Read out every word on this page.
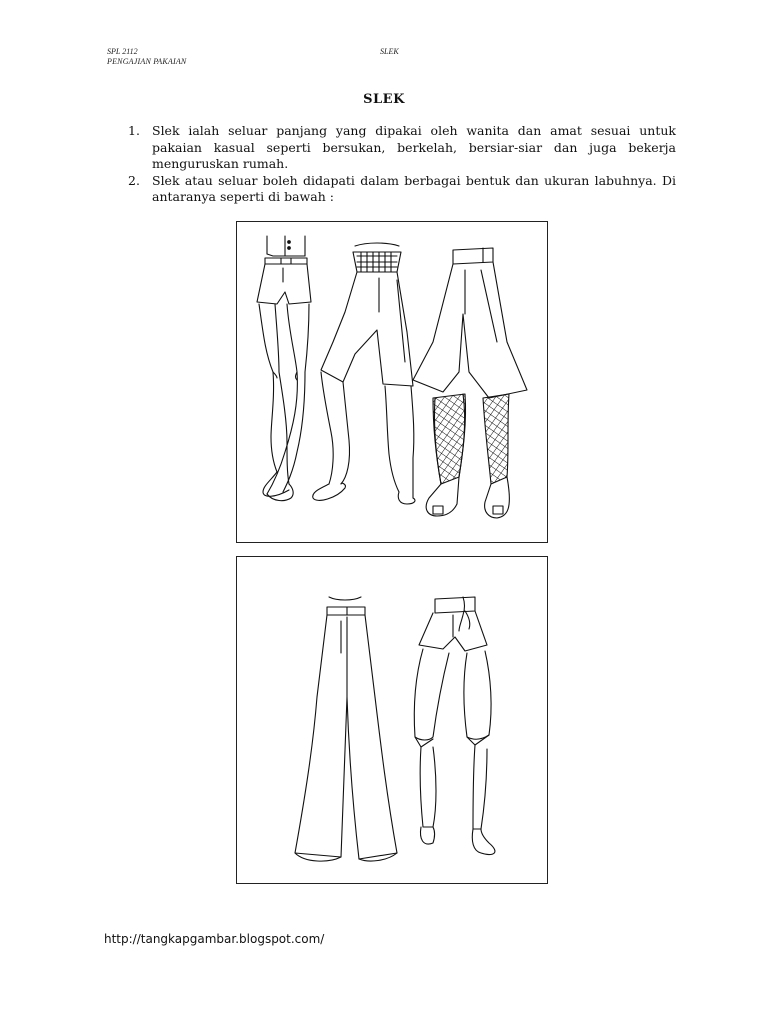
SPL 2112
PENGAJIAN PAKAIAN
SLEK
SLEK
1. Slek ialah seluar panjang yang dipakai oleh wanita dan amat sesuai untuk pakaian kasual seperti bersukan, berkelah, bersiar-siar dan juga bekerja menguruskan rumah.
2. Slek atau seluar boleh didapati dalam berbagai bentuk dan ukuran labuhnya. Di antaranya seperti di bawah :
http://tangkapgambar.blogspot.com/
